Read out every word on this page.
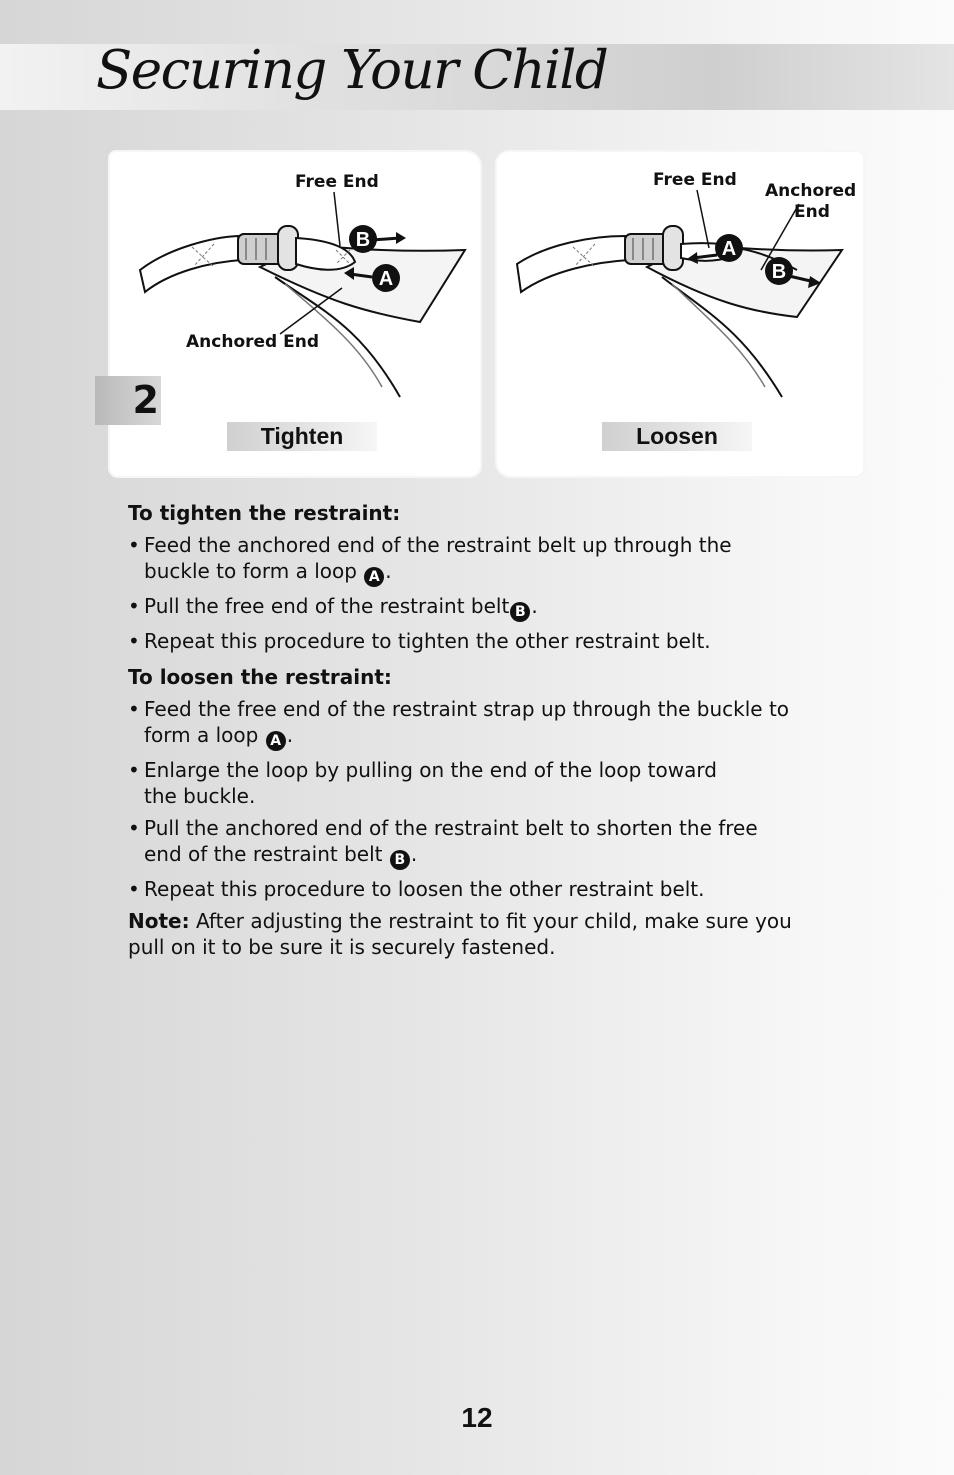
Securing Your Child
B
A
Free End
Anchored End
Tighten
A
B
Free End
Anchored
End
Loosen
2
To tighten the restraint:
• Feed the anchored end of the restraint belt up through the
buckle to form a loop A .
• Pull the free end of the restraint belt B .
• Repeat this procedure to tighten the other restraint belt.
To loosen the restraint:
• Feed the free end of the restraint strap up through the buckle to
form a loop A .
• Enlarge the loop by pulling on the end of the loop toward
the buckle.
• Pull the anchored end of the restraint belt to shorten the free
end of the restraint belt B .
• Repeat this procedure to loosen the other restraint belt.
Note: After adjusting the restraint to fit your child, make sure you
pull on it to be sure it is securely fastened.
12
